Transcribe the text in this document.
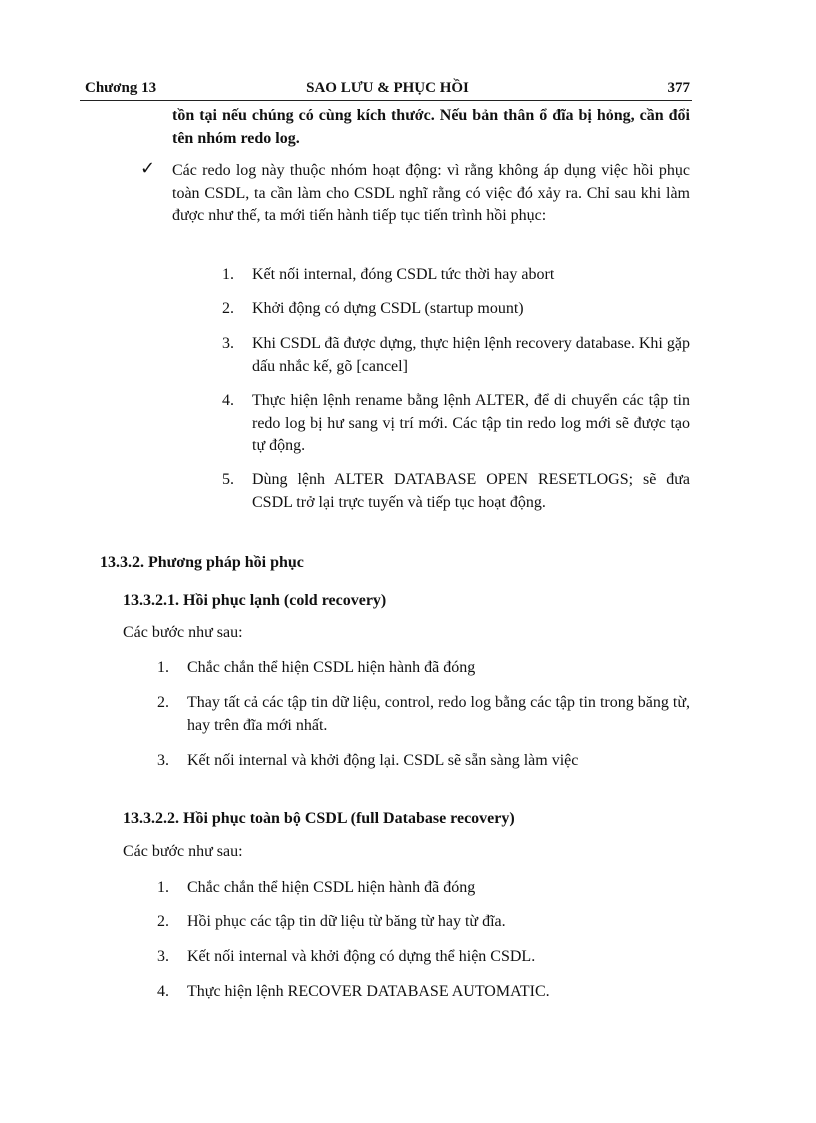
Chương 13	SAO LƯU & PHỤC HỒI	377

tồn tại nếu chúng có cùng kích thước. Nếu bản thân ổ đĩa bị hỏng, cần đổi tên nhóm redo log.

✓ Các redo log này thuộc nhóm hoạt động: vì rằng không áp dụng việc hồi phục toàn CSDL, ta cần làm cho CSDL nghĩ rằng có việc đó xảy ra. Chỉ sau khi làm được như thế, ta mới tiến hành tiếp tục tiến trình hồi phục:

1. Kết nối internal, đóng CSDL tức thời hay abort
2. Khởi động có dựng CSDL (startup mount)
3. Khi CSDL đã được dựng, thực hiện lệnh recovery database. Khi gặp dấu nhắc kế, gõ [cancel]
4. Thực hiện lệnh rename bằng lệnh ALTER, để di chuyển các tập tin redo log bị hư sang vị trí mới. Các tập tin redo log mới sẽ được tạo tự động.
5. Dùng lệnh ALTER DATABASE OPEN RESETLOGS; sẽ đưa CSDL trở lại trực tuyến và tiếp tục hoạt động.
13.3.2. Phương pháp hồi phục
13.3.2.1. Hồi phục lạnh (cold recovery)
Các bước như sau:
1. Chắc chắn thể hiện CSDL hiện hành đã đóng
2. Thay tất cả các tập tin dữ liệu, control, redo log bằng các tập tin trong băng từ, hay trên đĩa mới nhất.
3. Kết nối internal và khởi động lại. CSDL sẽ sẵn sàng làm việc
13.3.2.2. Hồi phục toàn bộ CSDL (full Database recovery)
Các bước như sau:
1. Chắc chắn thể hiện CSDL hiện hành đã đóng
2. Hồi phục các tập tin dữ liệu từ băng từ hay từ đĩa.
3. Kết nối internal và khởi động có dựng thể hiện CSDL.
4. Thực hiện lệnh RECOVER DATABASE AUTOMATIC.
